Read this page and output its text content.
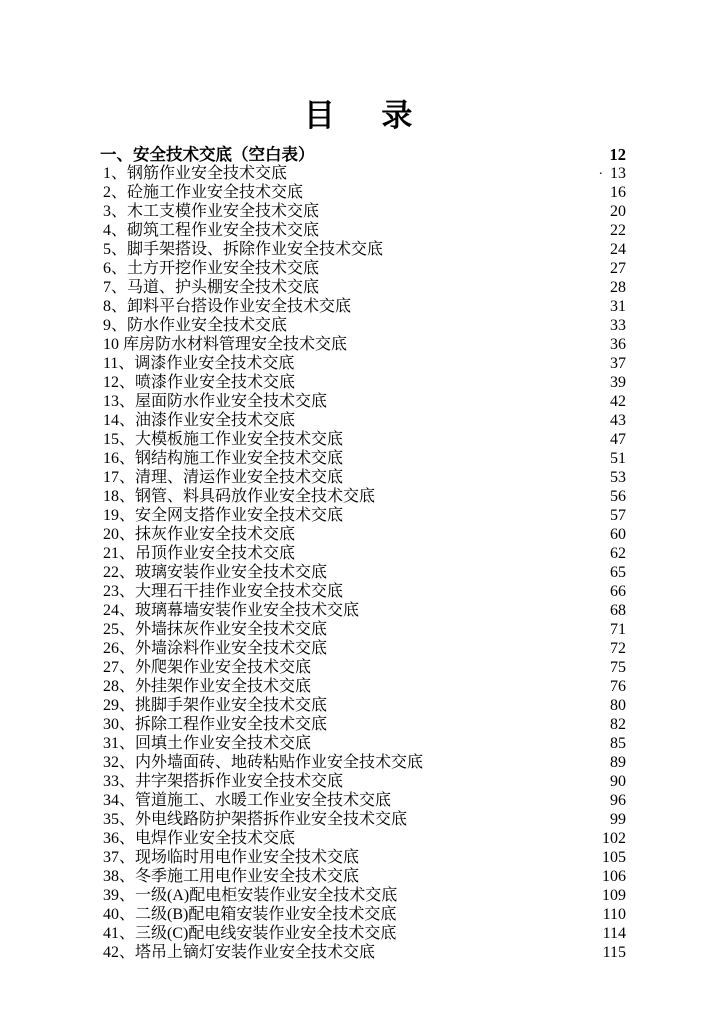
目　录
一、安全技术交底（空白表）	12
1、钢筋作业安全技术交底	· 13
2、砼施工作业安全技术交底	16
3、木工支模作业安全技术交底	20
4、砌筑工程作业安全技术交底	22
5、脚手架搭设、拆除作业安全技术交底	24
6、土方开挖作业安全技术交底	27
7、马道、护头棚安全技术交底	28
8、卸料平台搭设作业安全技术交底	31
9、防水作业安全技术交底	33
10 库房防水材料管理安全技术交底	36
11、调漆作业安全技术交底	37
12、喷漆作业安全技术交底	39
13、屋面防水作业安全技术交底	42
14、油漆作业安全技术交底	43
15、大模板施工作业安全技术交底	47
16、钢结构施工作业安全技术交底	51
17、清理、清运作业安全技术交底	53
18、钢管、料具码放作业安全技术交底	56
19、安全网支搭作业安全技术交底	57
20、抹灰作业安全技术交底	60
21、吊顶作业安全技术交底	62
22、玻璃安装作业安全技术交底	65
23、大理石干挂作业安全技术交底	66
24、玻璃幕墙安装作业安全技术交底	68
25、外墙抹灰作业安全技术交底	71
26、外墙涂料作业安全技术交底	72
27、外爬架作业安全技术交底	75
28、外挂架作业安全技术交底	76
29、挑脚手架作业安全技术交底	80
30、拆除工程作业安全技术交底	82
31、回填土作业安全技术交底	85
32、内外墙面砖、地砖粘贴作业安全技术交底	89
33、井字架搭拆作业安全技术交底	90
34、管道施工、水暖工作业安全技术交底	96
35、外电线路防护架搭拆作业安全技术交底	99
36、电焊作业安全技术交底	102
37、现场临时用电作业安全技术交底	105
38、冬季施工用电作业安全技术交底	106
39、一级(A)配电柜安装作业安全技术交底	109
40、二级(B)配电箱安装作业安全技术交底	110
41、三级(C)配电线安装作业安全技术交底	114
42、塔吊上镝灯安装作业安全技术交底	115
